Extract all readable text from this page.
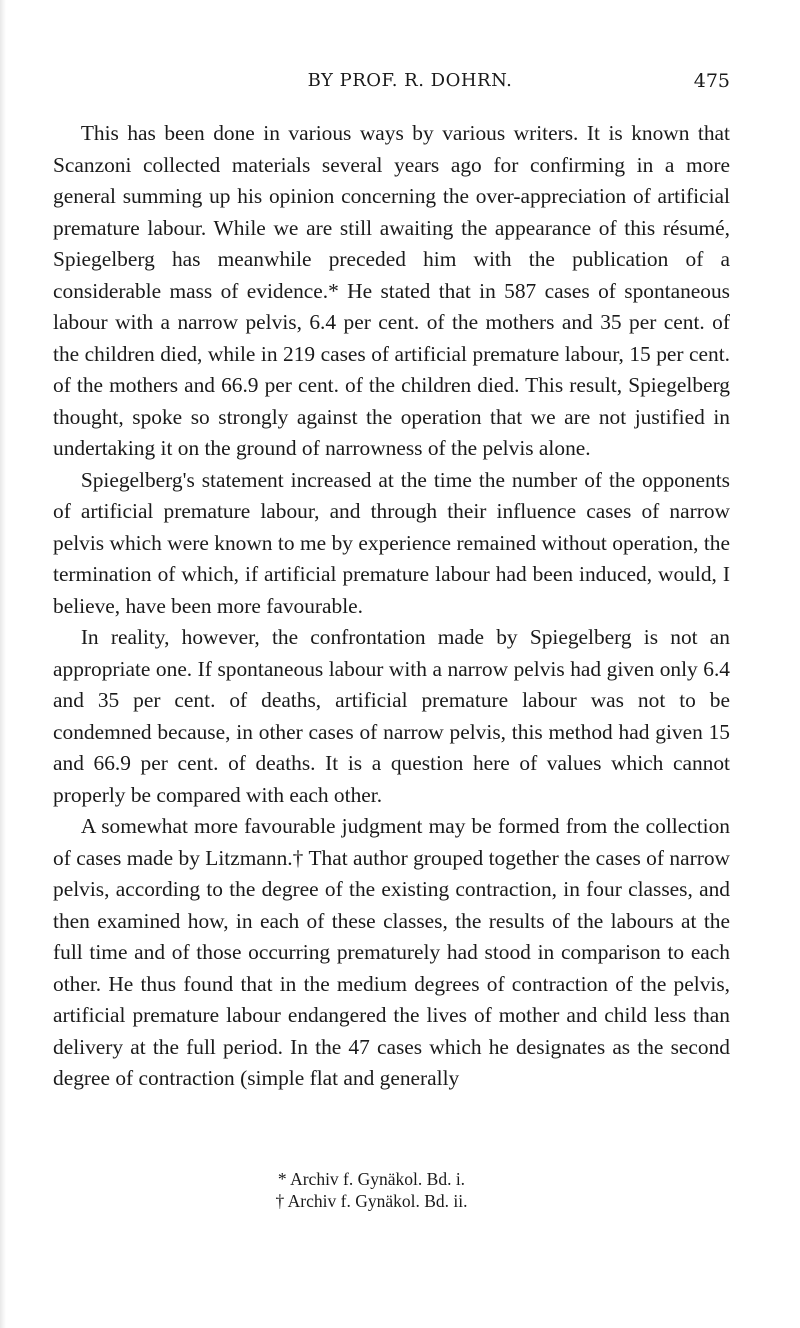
BY PROF. R. DOHRN.	475

This has been done in various ways by various writers. It is known that Scanzoni collected materials several years ago for confirming in a more general summing up his opinion concerning the over-appreciation of artificial premature labour. While we are still awaiting the appearance of this résumé, Spiegelberg has meanwhile preceded him with the publication of a considerable mass of evidence.* He stated that in 587 cases of spontaneous labour with a narrow pelvis, 6.4 per cent. of the mothers and 35 per cent. of the children died, while in 219 cases of artificial premature labour, 15 per cent. of the mothers and 66.9 per cent. of the children died. This result, Spiegelberg thought, spoke so strongly against the operation that we are not justified in undertaking it on the ground of narrowness of the pelvis alone.

Spiegelberg's statement increased at the time the number of the opponents of artificial premature labour, and through their influence cases of narrow pelvis which were known to me by experience remained without operation, the termination of which, if artificial premature labour had been induced, would, I believe, have been more favourable.

In reality, however, the confrontation made by Spiegelberg is not an appropriate one. If spontaneous labour with a narrow pelvis had given only 6.4 and 35 per cent. of deaths, artificial premature labour was not to be condemned because, in other cases of narrow pelvis, this method had given 15 and 66.9 per cent. of deaths. It is a question here of values which cannot properly be compared with each other.

A somewhat more favourable judgment may be formed from the collection of cases made by Litzmann.† That author grouped together the cases of narrow pelvis, according to the degree of the existing contraction, in four classes, and then examined how, in each of these classes, the results of the labours at the full time and of those occurring prematurely had stood in comparison to each other. He thus found that in the medium degrees of contraction of the pelvis, artificial premature labour endangered the lives of mother and child less than delivery at the full period. In the 47 cases which he designates as the second degree of contraction (simple flat and generally

* Archiv f. Gynäkol. Bd. i.
† Archiv f. Gynäkol. Bd. ii.
